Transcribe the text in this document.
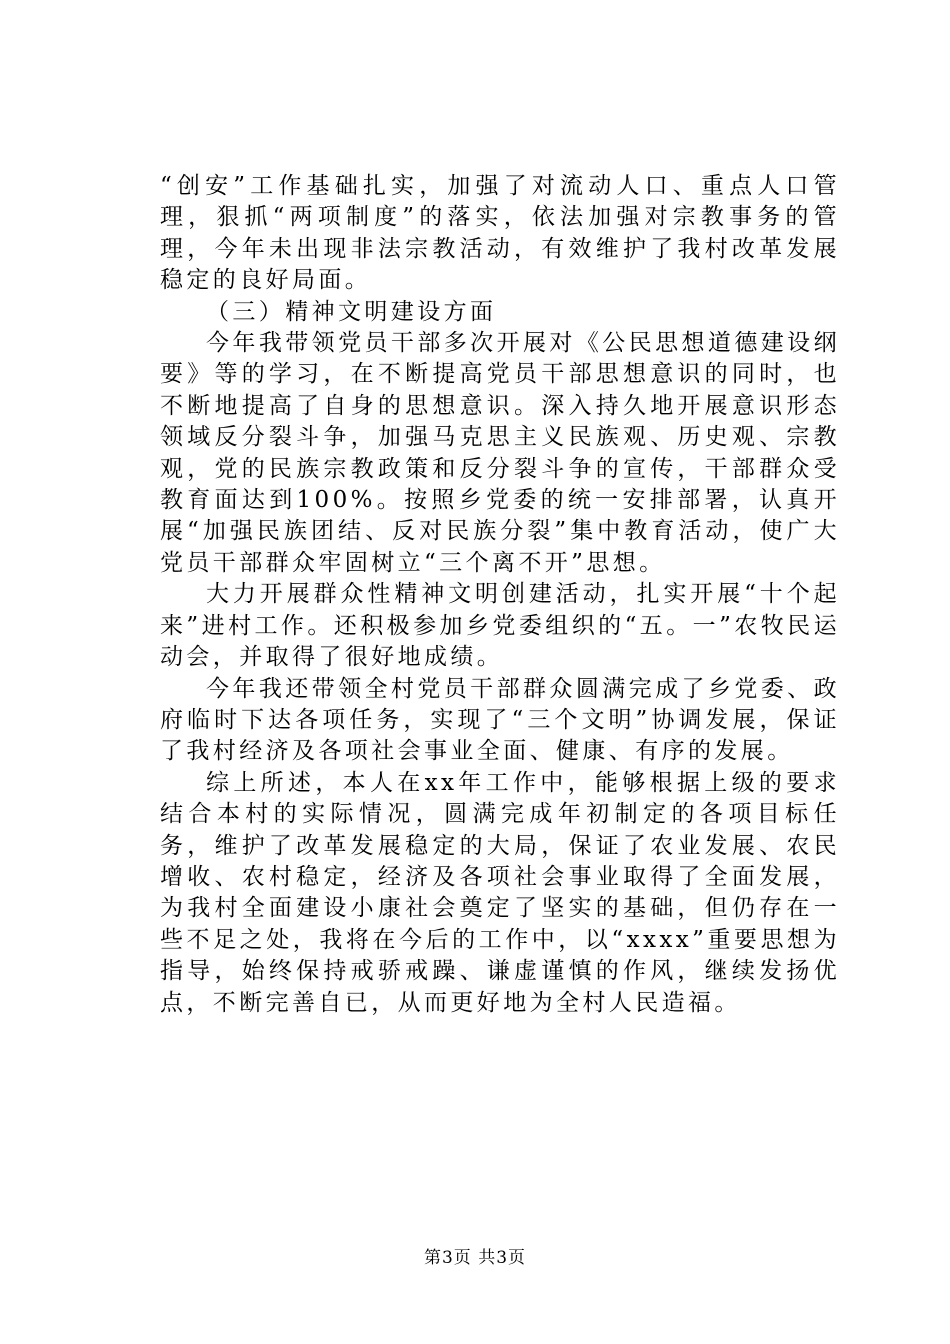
“创安”工作基础扎实，加强了对流动人口、重点人口管理，狠抓“两项制度”的落实，依法加强对宗教事务的管理，今年未出现非法宗教活动，有效维护了我村改革发展稳定的良好局面。

（三）精神文明建设方面

今年我带领党员干部多次开展对《公民思想道德建设纲要》等的学习，在不断提高党员干部思想意识的同时，也不断地提高了自身的思想意识。深入持久地开展意识形态领域反分裂斗争，加强马克思主义民族观、历史观、宗教观，党的民族宗教政策和反分裂斗争的宣传，干部群众受教育面达到100%。按照乡党委的统一安排部署，认真开展“加强民族团结、反对民族分裂”集中教育活动，使广大党员干部群众牢固树立“三个离不开”思想。

大力开展群众性精神文明创建活动，扎实开展“十个起来”进村工作。还积极参加乡党委组织的“五。一”农牧民运动会，并取得了很好地成绩。

今年我还带领全村党员干部群众圆满完成了乡党委、政府临时下达各项任务，实现了“三个文明”协调发展，保证了我村经济及各项社会事业全面、健康、有序的发展。

综上所述，本人在xx年工作中，能够根据上级的要求结合本村的实际情况，圆满完成年初制定的各项目标任务，维护了改革发展稳定的大局，保证了农业发展、农民增收、农村稳定，经济及各项社会事业取得了全面发展，为我村全面建设小康社会奠定了坚实的基础，但仍存在一些不足之处，我将在今后的工作中，以“xxxx”重要思想为指导，始终保持戒骄戒躁、谦虚谨慎的作风，继续发扬优点，不断完善自已，从而更好地为全村人民造福。

第3页 共3页
